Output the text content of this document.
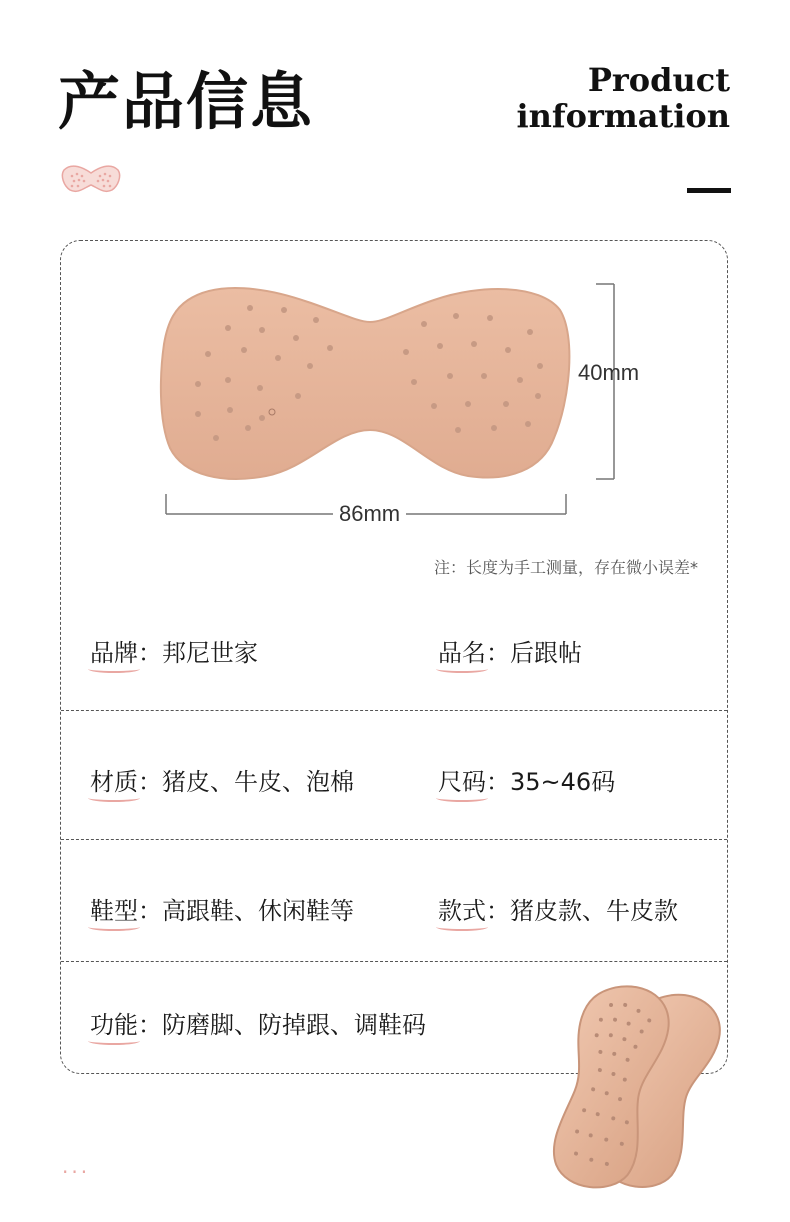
产品信息	Product
information
40mm
86mm
注：长度为手工测量，存在微小误差*
品牌：邦尼世家	品名：后跟帖
材质：猪皮、牛皮、泡棉	尺码：35~46码
鞋型：高跟鞋、休闲鞋等	款式：猪皮款、牛皮款
功能：防磨脚、防掉跟、调鞋码
···
